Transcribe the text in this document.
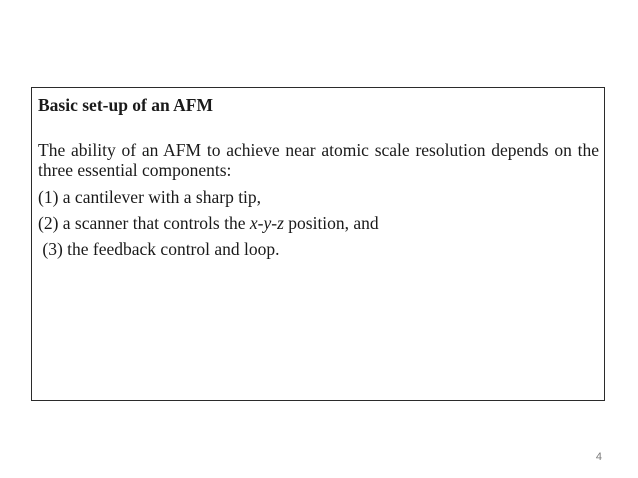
Basic set-up of an AFM
The ability of an AFM to achieve near atomic scale resolution depends on the three essential components:
(1) a cantilever with a sharp tip,
(2) a scanner that controls the x-y-z position, and
(3) the feedback control and loop.
4
